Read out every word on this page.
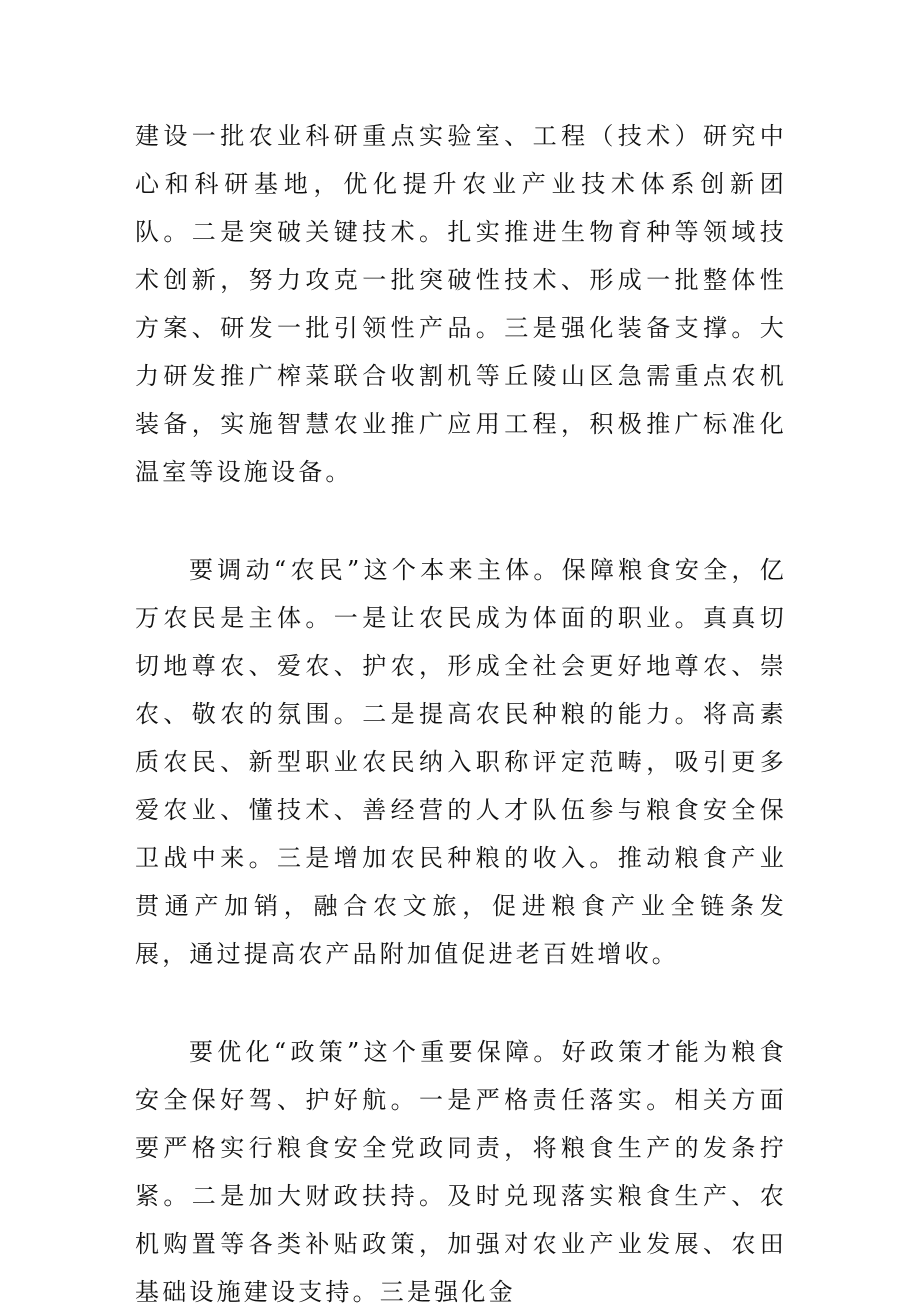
建设一批农业科研重点实验室、工程（技术）研究中心和科研基地，优化提升农业产业技术体系创新团队。二是突破关键技术。扎实推进生物育种等领域技术创新，努力攻克一批突破性技术、形成一批整体性方案、研发一批引领性产品。三是强化装备支撑。大力研发推广榨菜联合收割机等丘陵山区急需重点农机装备，实施智慧农业推广应用工程，积极推广标准化温室等设施设备。

要调动“农民”这个本来主体。保障粮食安全，亿万农民是主体。一是让农民成为体面的职业。真真切切地尊农、爱农、护农，形成全社会更好地尊农、崇农、敬农的氛围。二是提高农民种粮的能力。将高素质农民、新型职业农民纳入职称评定范畴，吸引更多爱农业、懂技术、善经营的人才队伍参与粮食安全保卫战中来。三是增加农民种粮的收入。推动粮食产业贯通产加销，融合农文旅，促进粮食产业全链条发展，通过提高农产品附加值促进老百姓增收。

要优化“政策”这个重要保障。好政策才能为粮食安全保好驾、护好航。一是严格责任落实。相关方面要严格实行粮食安全党政同责，将粮食生产的发条拧紧。二是加大财政扶持。及时兑现落实粮食生产、农机购置等各类补贴政策，加强对农业产业发展、农田基础设施建设支持。三是强化金
